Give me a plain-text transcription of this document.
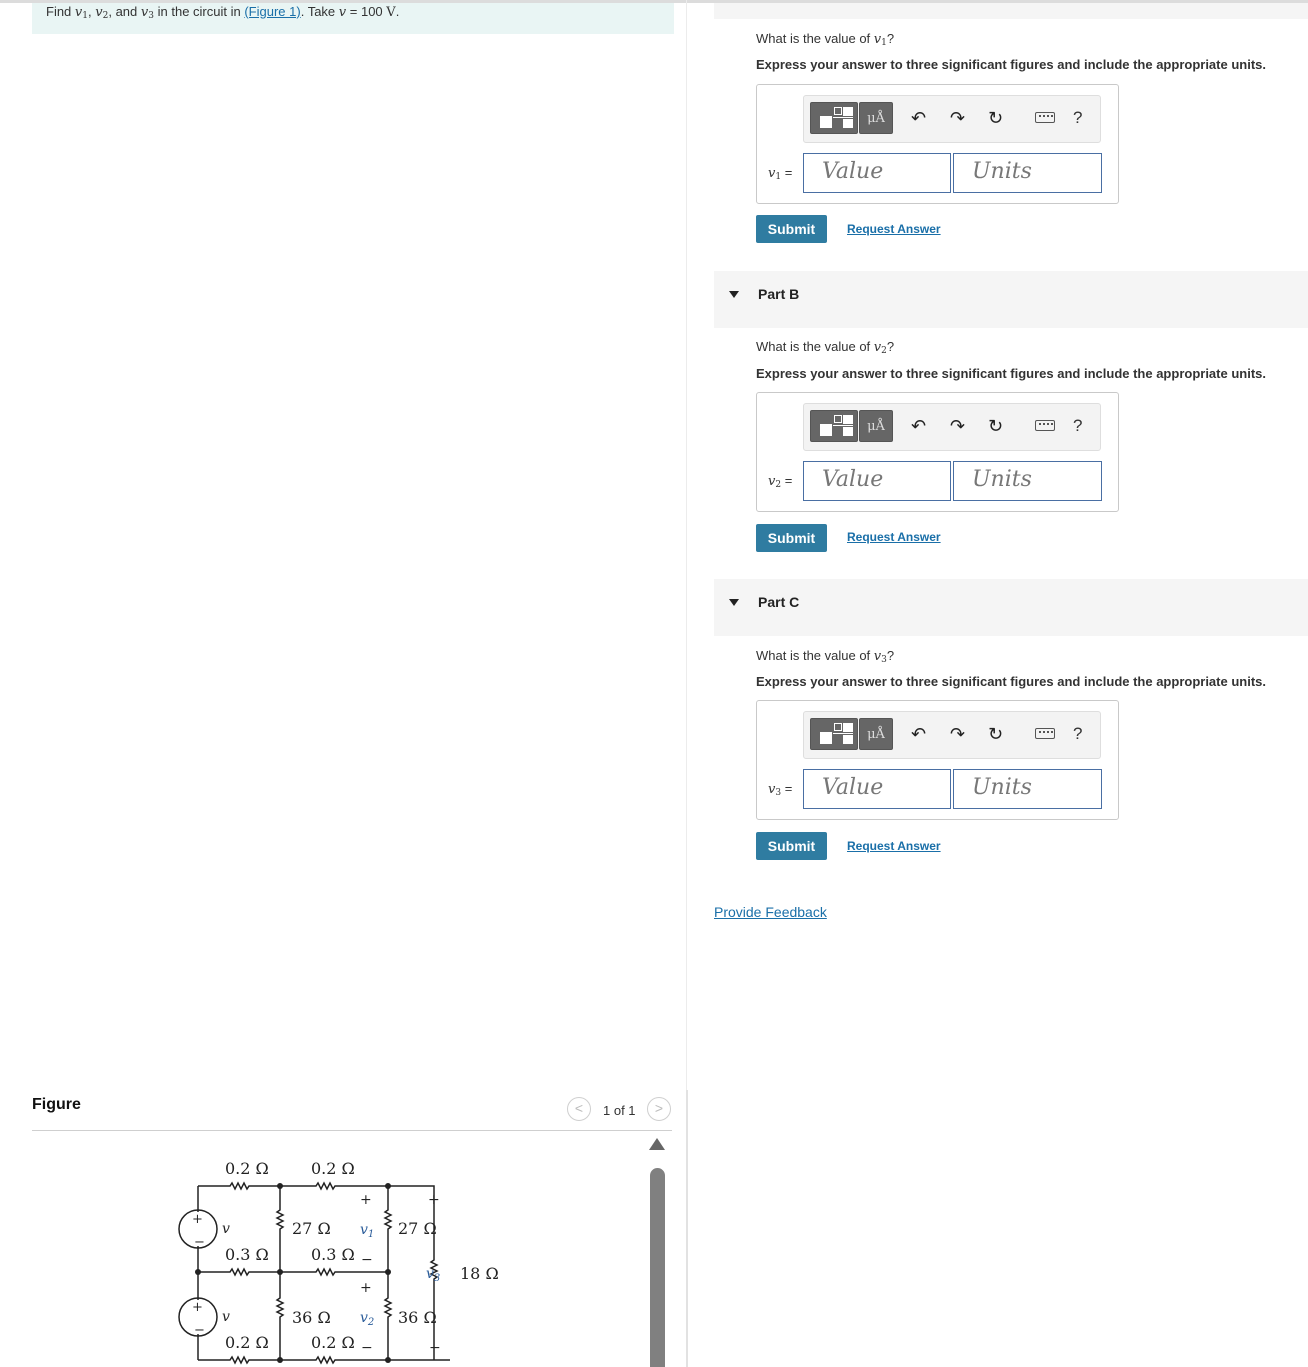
Find $v_1$, $v_2$, and $v_3$ in the circuit in (Figure 1). Take v = 100 V.
Figure	<	1 of 1	>
+
−
+
−
v
v
0.2 Ω	0.2 Ω
0.3 Ω	0.3 Ω
0.2 Ω	0.2 Ω
27 Ω	27 Ω
36 Ω	36 Ω
18 Ω
+
$v_1$
−
+
$v_2$
−
+
$v_3$
−
What is the value of $v_1$?
Express your answer to three significant figures and include the appropriate units.
μÅ	↶ ↷ ↻	?
$v_1$ =	Value	Units
Submit	Request Answer
Part B
What is the value of $v_2$?
Express your answer to three significant figures and include the appropriate units.
μÅ	↶ ↷ ↻	?
$v_2$ =	Value	Units
Submit	Request Answer
Part C
What is the value of $v_3$?
Express your answer to three significant figures and include the appropriate units.
μÅ	↶ ↷ ↻	?
$v_3$ =	Value	Units
Submit	Request Answer
Provide Feedback
